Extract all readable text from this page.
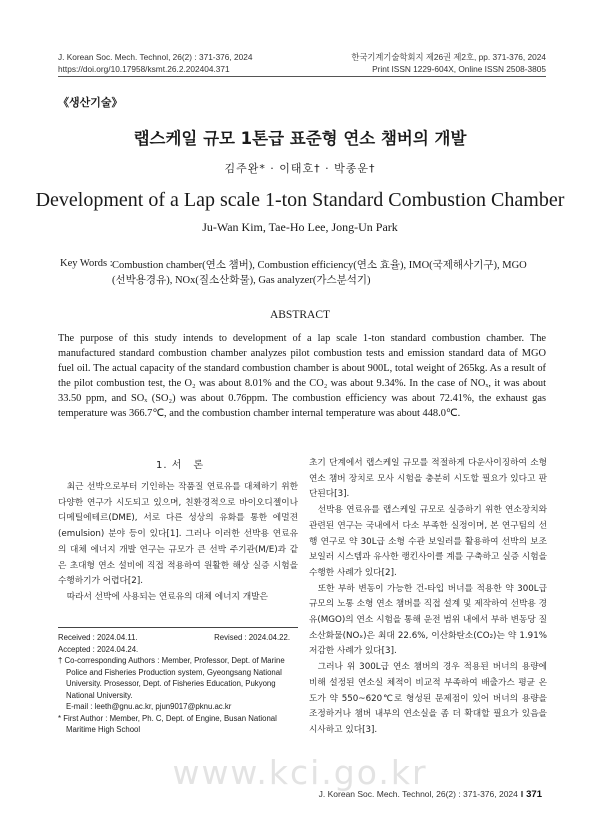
J. Korean Soc. Mech. Technol, 26(2) : 371-376, 2024
https://doi.org/10.17958/ksmt.26.2.202404.371
한국기계기술학회지 제26권 제2호, pp. 371-376, 2024
Print ISSN 1229-604X, Online ISSN 2508-3805
《생산기술》
랩스케일 규모 1톤급 표준형 연소 챔버의 개발
김주완* · 이태호† · 박종운†
Development of a Lap scale 1-ton Standard Combustion Chamber
Ju-Wan Kim, Tae-Ho Lee, Jong-Un Park
Key Words : Combustion chamber(연소 챔버), Combustion efficiency(연소 효율), IMO(국제해사기구), MGO
(선박용경유), NOx(질소산화물), Gas analyzer(가스분석기)
ABSTRACT
The purpose of this study intends to development of a lap scale 1-ton standard combustion chamber. The manufactured standard combustion chamber analyzes pilot combustion tests and emission standard data of MGO fuel oil. The actual capacity of the standard combustion chamber is about 900L, total weight of 265kg. As a result of the pilot combustion test, the O₂ was about 8.01% and the CO₂ was about 9.34%. In the case of NOₓ, it was about 33.50 ppm, and SOₓ (SO₂) was about 0.76ppm. The combustion efficiency was about 72.41%, the exhaust gas temperature was 366.7℃, and the combustion chamber internal temperature was about 448.0℃.
1. 서　론

최근 선박으로부터 기인하는 작품질 연료유를 대체하기 위한 다양한 연구가 시도되고 있으며, 친환경적으로 바이오디젤이나 디메틸에테르(DME), 서로 다른 성상의 유화를 통한 에멀젼(emulsion) 분야 등이 있다[1]. 그러나 이러한 선박용 연료유의 대체 에너지 개발 연구는 규모가 큰 선박 주기관(M/E)과 같은 초대형 연소 설비에 직접 적용하여 원활한 해상 실증 시험을 수행하기가 어렵다[2].

따라서 선박에 사용되는 연료유의 대체 에너지 개발은

Received : 2024.04.11.	Revised : 2024.04.22.
Accepted : 2024.04.24.
† Co-corresponding Authors : Member, Professor, Dept. of Marine
Police and Fisheries Production system, Gyeongsang National
University. Prosessor, Dept. of Fisheries Education, Pukyong
National University.
E-mail : leeth@gnu.ac.kr, pjun9017@pknu.ac.kr
* First Author : Member, Ph. C, Dept. of Engine, Busan National
Maritime High School

초기 단계에서 랩스케일 규모를 적절하게 다운사이징하여 소형 연소 챔버 장치로 모사 시험을 충분히 시도할 필요가 있다고 판단된다[3].

선박용 연료유를 랩스케일 규모로 실증하기 위한 연소장치와 관련된 연구는 국내에서 다소 부족한 실정이며, 본 연구팀의 선행 연구로 약 30L급 소형 수관 보일러를 활용하여 선박의 보조 보일러 시스템과 유사한 랭킨사이클 계를 구축하고 실증 시험을 수행한 사례가 있다[2].

또한 부하 변동이 가능한 건-타입 버너를 적용한 약 300L급 규모의 노통 소형 연소 챔버를 직접 설계 및 제작하여 선박용 경유(MGO)의 연소 시험을 통해 운전 범위 내에서 부하 변동당 질소산화물(NOₓ)은 최대 22.6%, 이산화탄소(CO₂)는 약 1.91% 저감한 사례가 있다[3].

그러나 위 300L급 연소 챔버의 경우 적용된 버너의 용량에 비해 설정된 연소실 체적이 비교적 부족하여 배출가스 평균 온도가 약 550~620℃로 형성된 문제점이 있어 버너의 용량을 조정하거나 챔버 내부의 연소실을 좀 더 확대할 필요가 있음을 시사하고 있다[3].

www.kci.go.kr
J. Korean Soc. Mech. Technol, 26(2) : 371-376, 2024 ‖ 371
